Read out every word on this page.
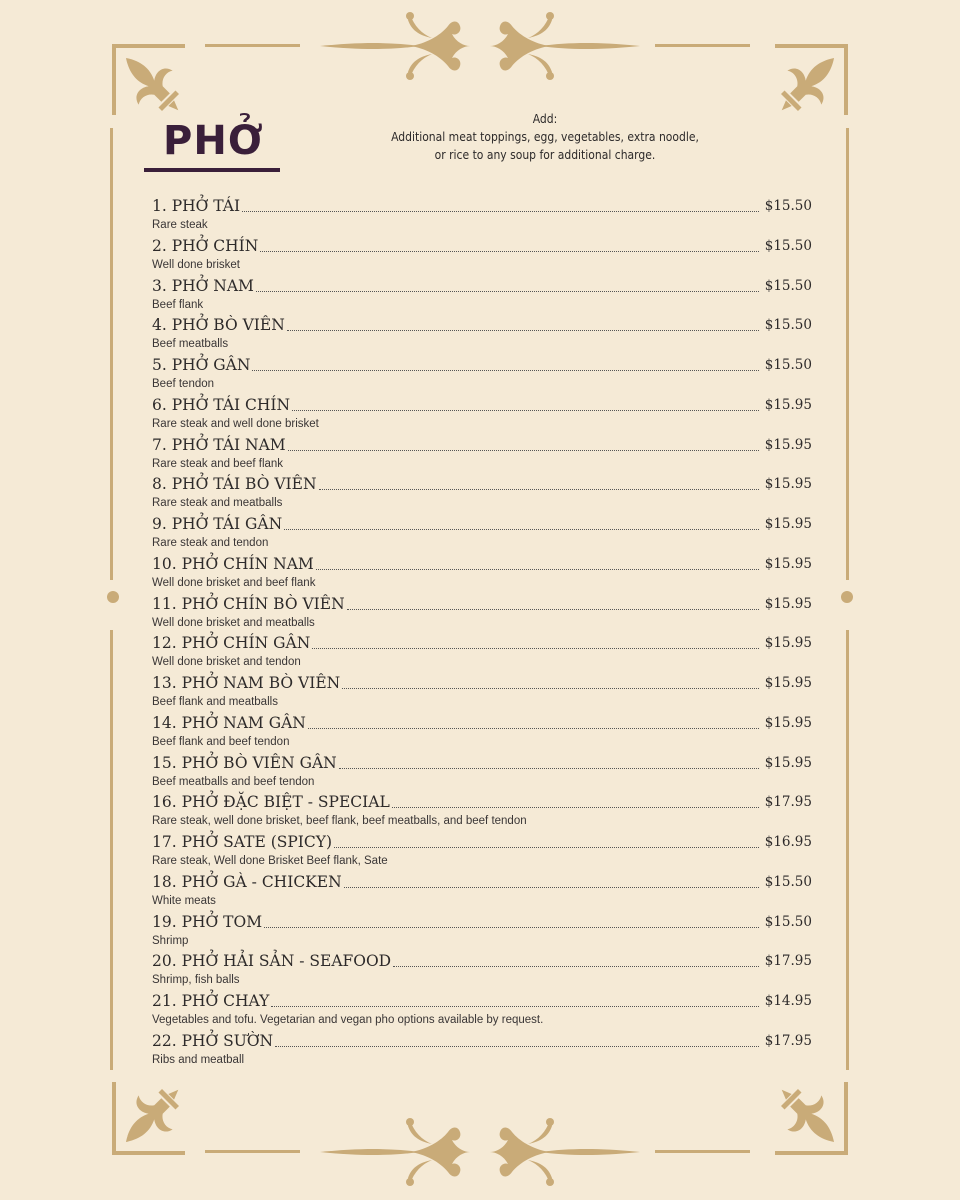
PHỞ	Add:
Additional meat toppings, egg, vegetables, extra noodle,
or rice to any soup for additional charge.
1. PHỞ TÁI	$15.50
Rare steak
2. PHỞ CHÍN	$15.50
Well done brisket
3. PHỞ NAM	$15.50
Beef flank
4. PHỞ BÒ VIÊN	$15.50
Beef meatballs
5. PHỞ GÂN	$15.50
Beef tendon
6. PHỞ TÁI CHÍN	$15.95
Rare steak and well done brisket
7. PHỞ TÁI NAM	$15.95
Rare steak and beef flank
8. PHỞ TÁI BÒ VIÊN	$15.95
Rare steak and meatballs
9. PHỞ TÁI GÂN	$15.95
Rare steak and tendon
10. PHỞ CHÍN NAM	$15.95
Well done brisket and beef flank
11. PHỞ CHÍN BÒ VIÊN	$15.95
Well done brisket and meatballs
12. PHỞ CHÍN GÂN	$15.95
Well done brisket and tendon
13. PHỞ NAM BÒ VIÊN	$15.95
Beef flank and meatballs
14. PHỞ NAM GÂN	$15.95
Beef flank and beef tendon
15. PHỞ BÒ VIÊN GÂN	$15.95
Beef meatballs and beef tendon
16. PHỞ ĐẶC BIỆT - SPECIAL	$17.95
Rare steak, well done brisket, beef flank, beef meatballs, and beef tendon
17. PHỞ SATE (SPICY)	$16.95
Rare steak, Well done Brisket Beef flank, Sate
18. PHỞ GÀ - CHICKEN	$15.50
White meats
19. PHỞ TOM	$15.50
Shrimp
20. PHỞ HẢI SẢN - SEAFOOD	$17.95
Shrimp, fish balls
21. PHỞ CHAY	$14.95
Vegetables and tofu. Vegetarian and vegan pho options available by request.
22. PHỞ SƯỜN	$17.95
Ribs and meatball
